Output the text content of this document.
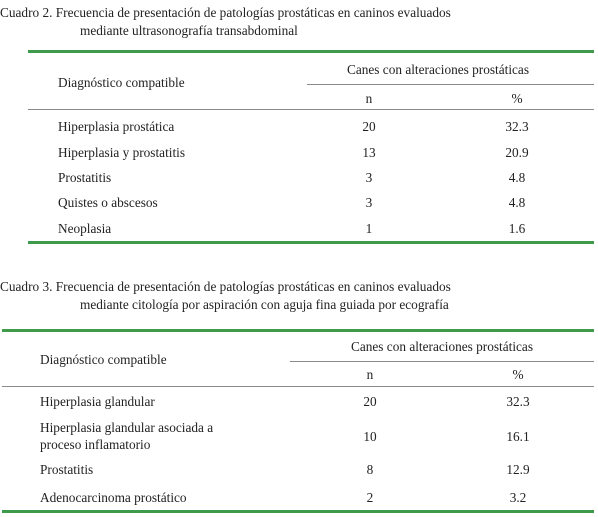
Cuadro 2. Frecuencia de presentación de patologías prostáticas en caninos evaluados
mediante ultrasonografía transabdominal
Diagnóstico compatible
Canes con alteraciones prostáticas
n	%
Hiperplasia prostática	20	32.3
Hiperplasia y prostatitis	13	20.9
Prostatitis	3	4.8
Quistes o abscesos	3	4.8
Neoplasia	1	1.6
Cuadro 3. Frecuencia de presentación de patologías prostáticas en caninos evaluados
mediante citología por aspiración con aguja fina guiada por ecografía
Diagnóstico compatible
Canes con alteraciones prostáticas
n	%
Hiperplasia glandular	20	32.3
Hiperplasia glandular asociada a
proceso inflamatorio
10	16.1
Prostatitis	8	12.9
Adenocarcinoma prostático	2	3.2
